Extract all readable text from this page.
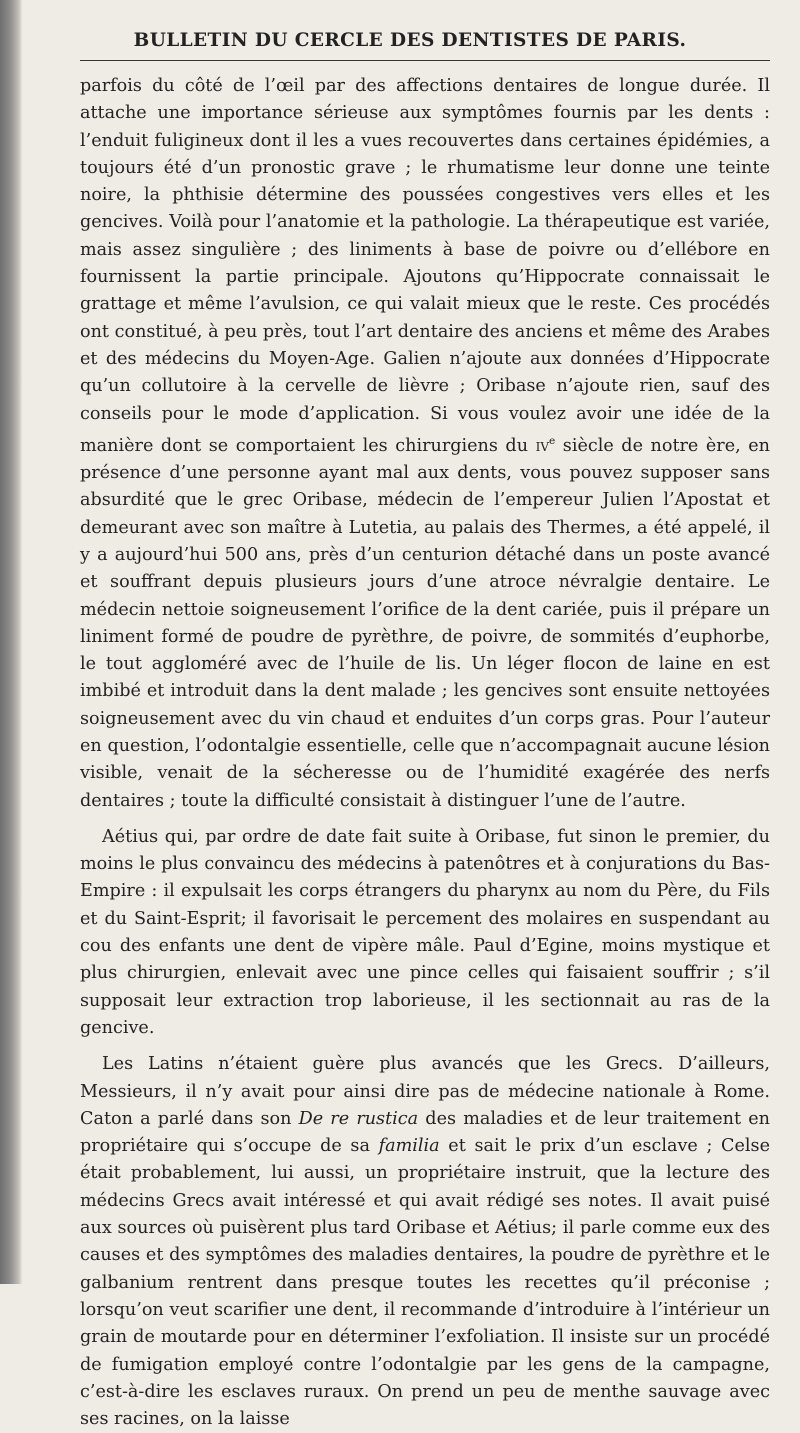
BULLETIN DU CERCLE DES DENTISTES DE PARIS.

parfois du côté de l’œil par des affections dentaires de longue durée. Il attache une importance sérieuse aux symptômes fournis par les dents : l’enduit fuligineux dont il les a vues recouvertes dans certaines épidémies, a toujours été d’un pronostic grave ; le rhumatisme leur donne une teinte noire, la phthisie détermine des poussées congestives vers elles et les gencives. Voilà pour l’anatomie et la pathologie. La thérapeutique est variée, mais assez singulière ; des liniments à base de poivre ou d’ellébore en fournissent la partie principale. Ajoutons qu’Hippocrate connaissait le grattage et même l’avulsion, ce qui valait mieux que le reste. Ces procédés ont constitué, à peu près, tout l’art dentaire des anciens et même des Arabes et des médecins du Moyen-Age. Galien n’ajoute aux données d’Hippocrate qu’un collutoire à la cervelle de lièvre ; Oribase n’ajoute rien, sauf des conseils pour le mode d’application. Si vous voulez avoir une idée de la manière dont se comportaient les chirurgiens du $iv^e$ siècle de notre ère, en présence d’une personne ayant mal aux dents, vous pouvez supposer sans absurdité que le grec Oribase, médecin de l’empereur Julien l’Apostat et demeurant avec son maître à Lutetia, au palais des Thermes, a été appelé, il y a aujourd’hui 500 ans, près d’un centurion détaché dans un poste avancé et souffrant depuis plusieurs jours d’une atroce névralgie dentaire. Le médecin nettoie soigneusement l’orifice de la dent cariée, puis il prépare un liniment formé de poudre de pyrèthre, de poivre, de sommités d’euphorbe, le tout aggloméré avec de l’huile de lis. Un léger flocon de laine en est imbibé et introduit dans la dent malade ; les gencives sont ensuite nettoyées soigneusement avec du vin chaud et enduites d’un corps gras. Pour l’auteur en question, l’odontalgie essentielle, celle que n’accompagnait aucune lésion visible, venait de la sécheresse ou de l’humidité exagérée des nerfs dentaires ; toute la difficulté consistait à distinguer l’une de l’autre.

Aétius qui, par ordre de date fait suite à Oribase, fut sinon le premier, du moins le plus convaincu des médecins à patenôtres et à conjurations du Bas-Empire : il expulsait les corps étrangers du pharynx au nom du Père, du Fils et du Saint-Esprit; il favorisait le percement des molaires en suspendant au cou des enfants une dent de vipère mâle. Paul d’Egine, moins mystique et plus chirurgien, enlevait avec une pince celles qui faisaient souffrir ; s’il supposait leur extraction trop laborieuse, il les sectionnait au ras de la gencive.

Les Latins n’étaient guère plus avancés que les Grecs. D’ailleurs, Messieurs, il n’y avait pour ainsi dire pas de médecine nationale à Rome. Caton a parlé dans son De re rustica des maladies et de leur traitement en propriétaire qui s’occupe de sa familia et sait le prix d’un esclave ; Celse était probablement, lui aussi, un propriétaire instruit, que la lecture des médecins Grecs avait intéressé et qui avait rédigé ses notes. Il avait puisé aux sources où puisèrent plus tard Oribase et Aétius; il parle comme eux des causes et des symptômes des maladies dentaires, la poudre de pyrèthre et le galbanium rentrent dans presque toutes les recettes qu’il préconise ; lorsqu’on veut scarifier une dent, il recommande d’introduire à l’intérieur un grain de moutarde pour en déterminer l’exfoliation. Il insiste sur un procédé de fumigation employé contre l’odontalgie par les gens de la campagne, c’est-à-dire les esclaves ruraux. On prend un peu de menthe sauvage avec ses racines, on la laisse
